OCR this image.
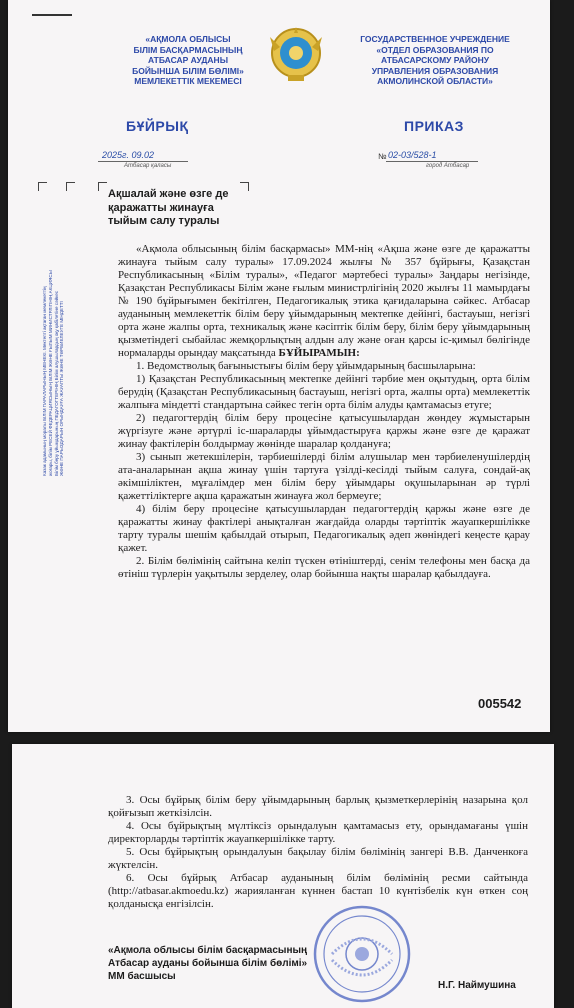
«АҚМОЛА ОБЛЫСЫ
БІЛІМ БАСҚАРМАСЫНЫҢ
АТБАСАР АУДАНЫ
БОЙЫНША БІЛІМ БӨЛІМІ»
МЕМЛЕКЕТТІК МЕКЕМЕСІ
ГОСУДАРСТВЕННОЕ УЧРЕЖДЕНИЕ
«ОТДЕЛ ОБРАЗОВАНИЯ ПО
АТБАСАРСКОМУ РАЙОНУ
УПРАВЛЕНИЯ ОБРАЗОВАНИЯ
АКМОЛИНСКОЙ ОБЛАСТИ»
БҰЙРЫҚ	ПРИКАЗ
2025г. 09.02
Атбасар қаласы
№ 02-03/528-1
город Атбасар
Ақшалай және өзге де
қаражатты жинауға
тыйым салу туралы
Казак адамының моралы БІЛІМ ПАРАЛАРЫНЫҢ МЕНЕКІ. Мектепті ақтаған мемлекеттің жоғары, білім РЕСЕЙ ФЕДЕРАЦИЯСЫНЫҢ БІЛІМ ЖӘНЕ ҒЫЛЫМ МИНИСТРЛІГІНІҢ АКЦИЯСЫ Білім беру ұйымдарының ПЕДАГОГТЕРІНІҢ Білім алушылардың оқу қабілетіне сәйкес ЖӘНЕ ПАРЫЗДАРЫН ОРЫНДАУҒА ЖАУАПТЫ ЖӘНЕ ТӘРБИЕЛЕУГЕ МІНДЕТТІ

«Ақмола облысының білім басқармасы» ММ-нің «Ақша және өзге де қаражатты жинауға тыйым салу туралы» 17.09.2024 жылғы № 357 бұйрығы, Қазақстан Республикасының «Білім туралы», «Педагог мәртебесі туралы» Заңдары негізінде, Қазақстан Республикасы Білім және ғылым министрлігінің 2020 жылғы 11 мамырдағы № 190 бұйрығымен бекітілген, Педагогикалық этика қағидаларына сәйкес. Атбасар ауданының мемлекеттік білім беру ұйымдарының мектепке дейінгі, бастауыш, негізгі орта және жалпы орта, техникалық және кәсіптік білім беру, білім беру ұйымдарының қызметіндегі сыбайлас жемқорлықтың алдын алу және оған қарсы іс-қимыл бөлігінде нормаларды орындау мақсатында БҰЙЫРАМЫН:

1. Ведомстволық бағыныстығы білім беру ұйымдарының басшыларына:

1) Қазақстан Республикасының мектепке дейінгі тәрбие мен оқытудың, орта білім берудің (Қазақстан Республикасының бастауыш, негізгі орта, жалпы орта) мемлекеттік жалпыға міндетті стандартына сәйкес тегін орта білім алуды қамтамасыз етуге;

2) педагогтердің білім беру процесіне қатысушылардан жөндеу жұмыстарын жүргізуге және әртүрлі іс-шараларды ұйымдастыруға қаржы және өзге де қаражат жинау фактілерін болдырмау жөнінде шаралар қолдануға;

3) сынып жетекшілерін, тәрбиешілерді білім алушылар мен тәрбиеленушілердің ата-аналарынан ақша жинау үшін тартуға үзілді-кесілді тыйым салуға, сондай-ақ әкімшіліктен, мұғалімдер мен білім беру ұйымдары оқушыларынан әр түрлі қажеттіліктерге ақша қаражатын жинауға жол бермеуге;

4) білім беру процесіне қатысушылардан педагогтердің қаржы және өзге де қаражатты жинау фактілері анықталған жағдайда оларды тәртіптік жауапкершілікке тарту туралы шешім қабылдай отырып, Педагогикалық әдеп жөніндегі кеңесте қарау қажет.

2. Білім бөлімінің сайтына келіп түскен өтініштерді, сенім телефоны мен басқа да өтініш түрлерін уақытылы зерделеу, олар бойынша нақты шаралар қабылдауға.

005542

3. Осы бұйрық білім беру ұйымдарының барлық қызметкерлерінің назарына қол қойғызып жеткізілсін.

4. Осы бұйрықтың мүлтіксіз орындалуын қамтамасыз ету, орындамағаны үшін директорларды тәртіптік жауапкершілікке тарту.

5. Осы бұйрықтың орындалуын бақылау білім бөлімінің зангері В.В. Данченкоға жүктелсін.

6. Осы бұйрық Атбасар ауданының білім бөлімінің ресми сайтында (http://atbasar.akmoedu.kz) жарияланған күннен бастап 10 күнтізбелік күн өткен соң қолданысқа енгізілсін.

«Ақмола облысы білім басқармасының
Атбасар ауданы бойынша білім бөлімі»
ММ басшысы
Н.Г. Наймушина
